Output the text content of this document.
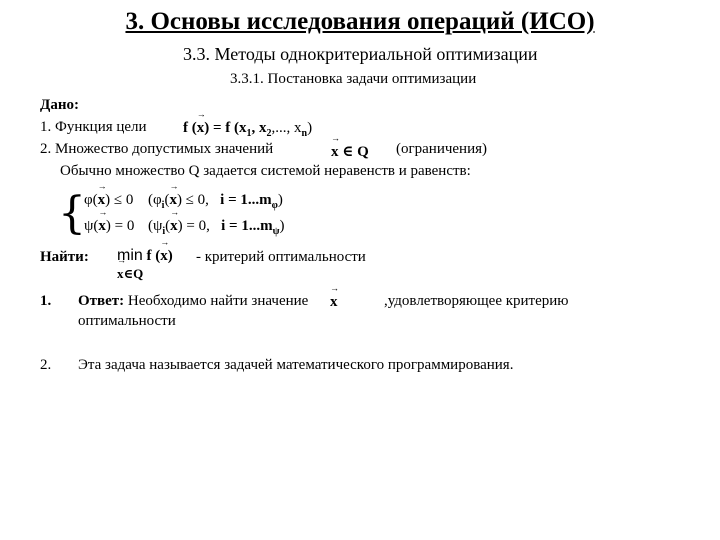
3. Основы исследования операций (ИСО)
3.3. Методы однокритериальной оптимизации
3.3.1. Постановка задачи оптимизации
Дано:
1. Функция цели f (→ x) = f ($x_1$, $x_2$,..., $x_n$)
2. Множество допустимых значений	→ x ∈ Q (ограничения)
Обычно множество Q задается системой неравенств и равенств:
{
φ(→ x) ≤ 0 ($\varphi_i(\to x) \le 0$, $i = 1...m_\varphi$)
ψ(→ x) = 0 ($\psi_i(\to x) = 0$, $i = 1...m_\psi$)
Найти: min f (→ x)
→ x∈Q
- критерий оптимальности
1. Ответ: Необходимо найти значение → x	,удовлетворяющее критерию
оптимальности
2. Эта задача называется задачей математического программирования.
